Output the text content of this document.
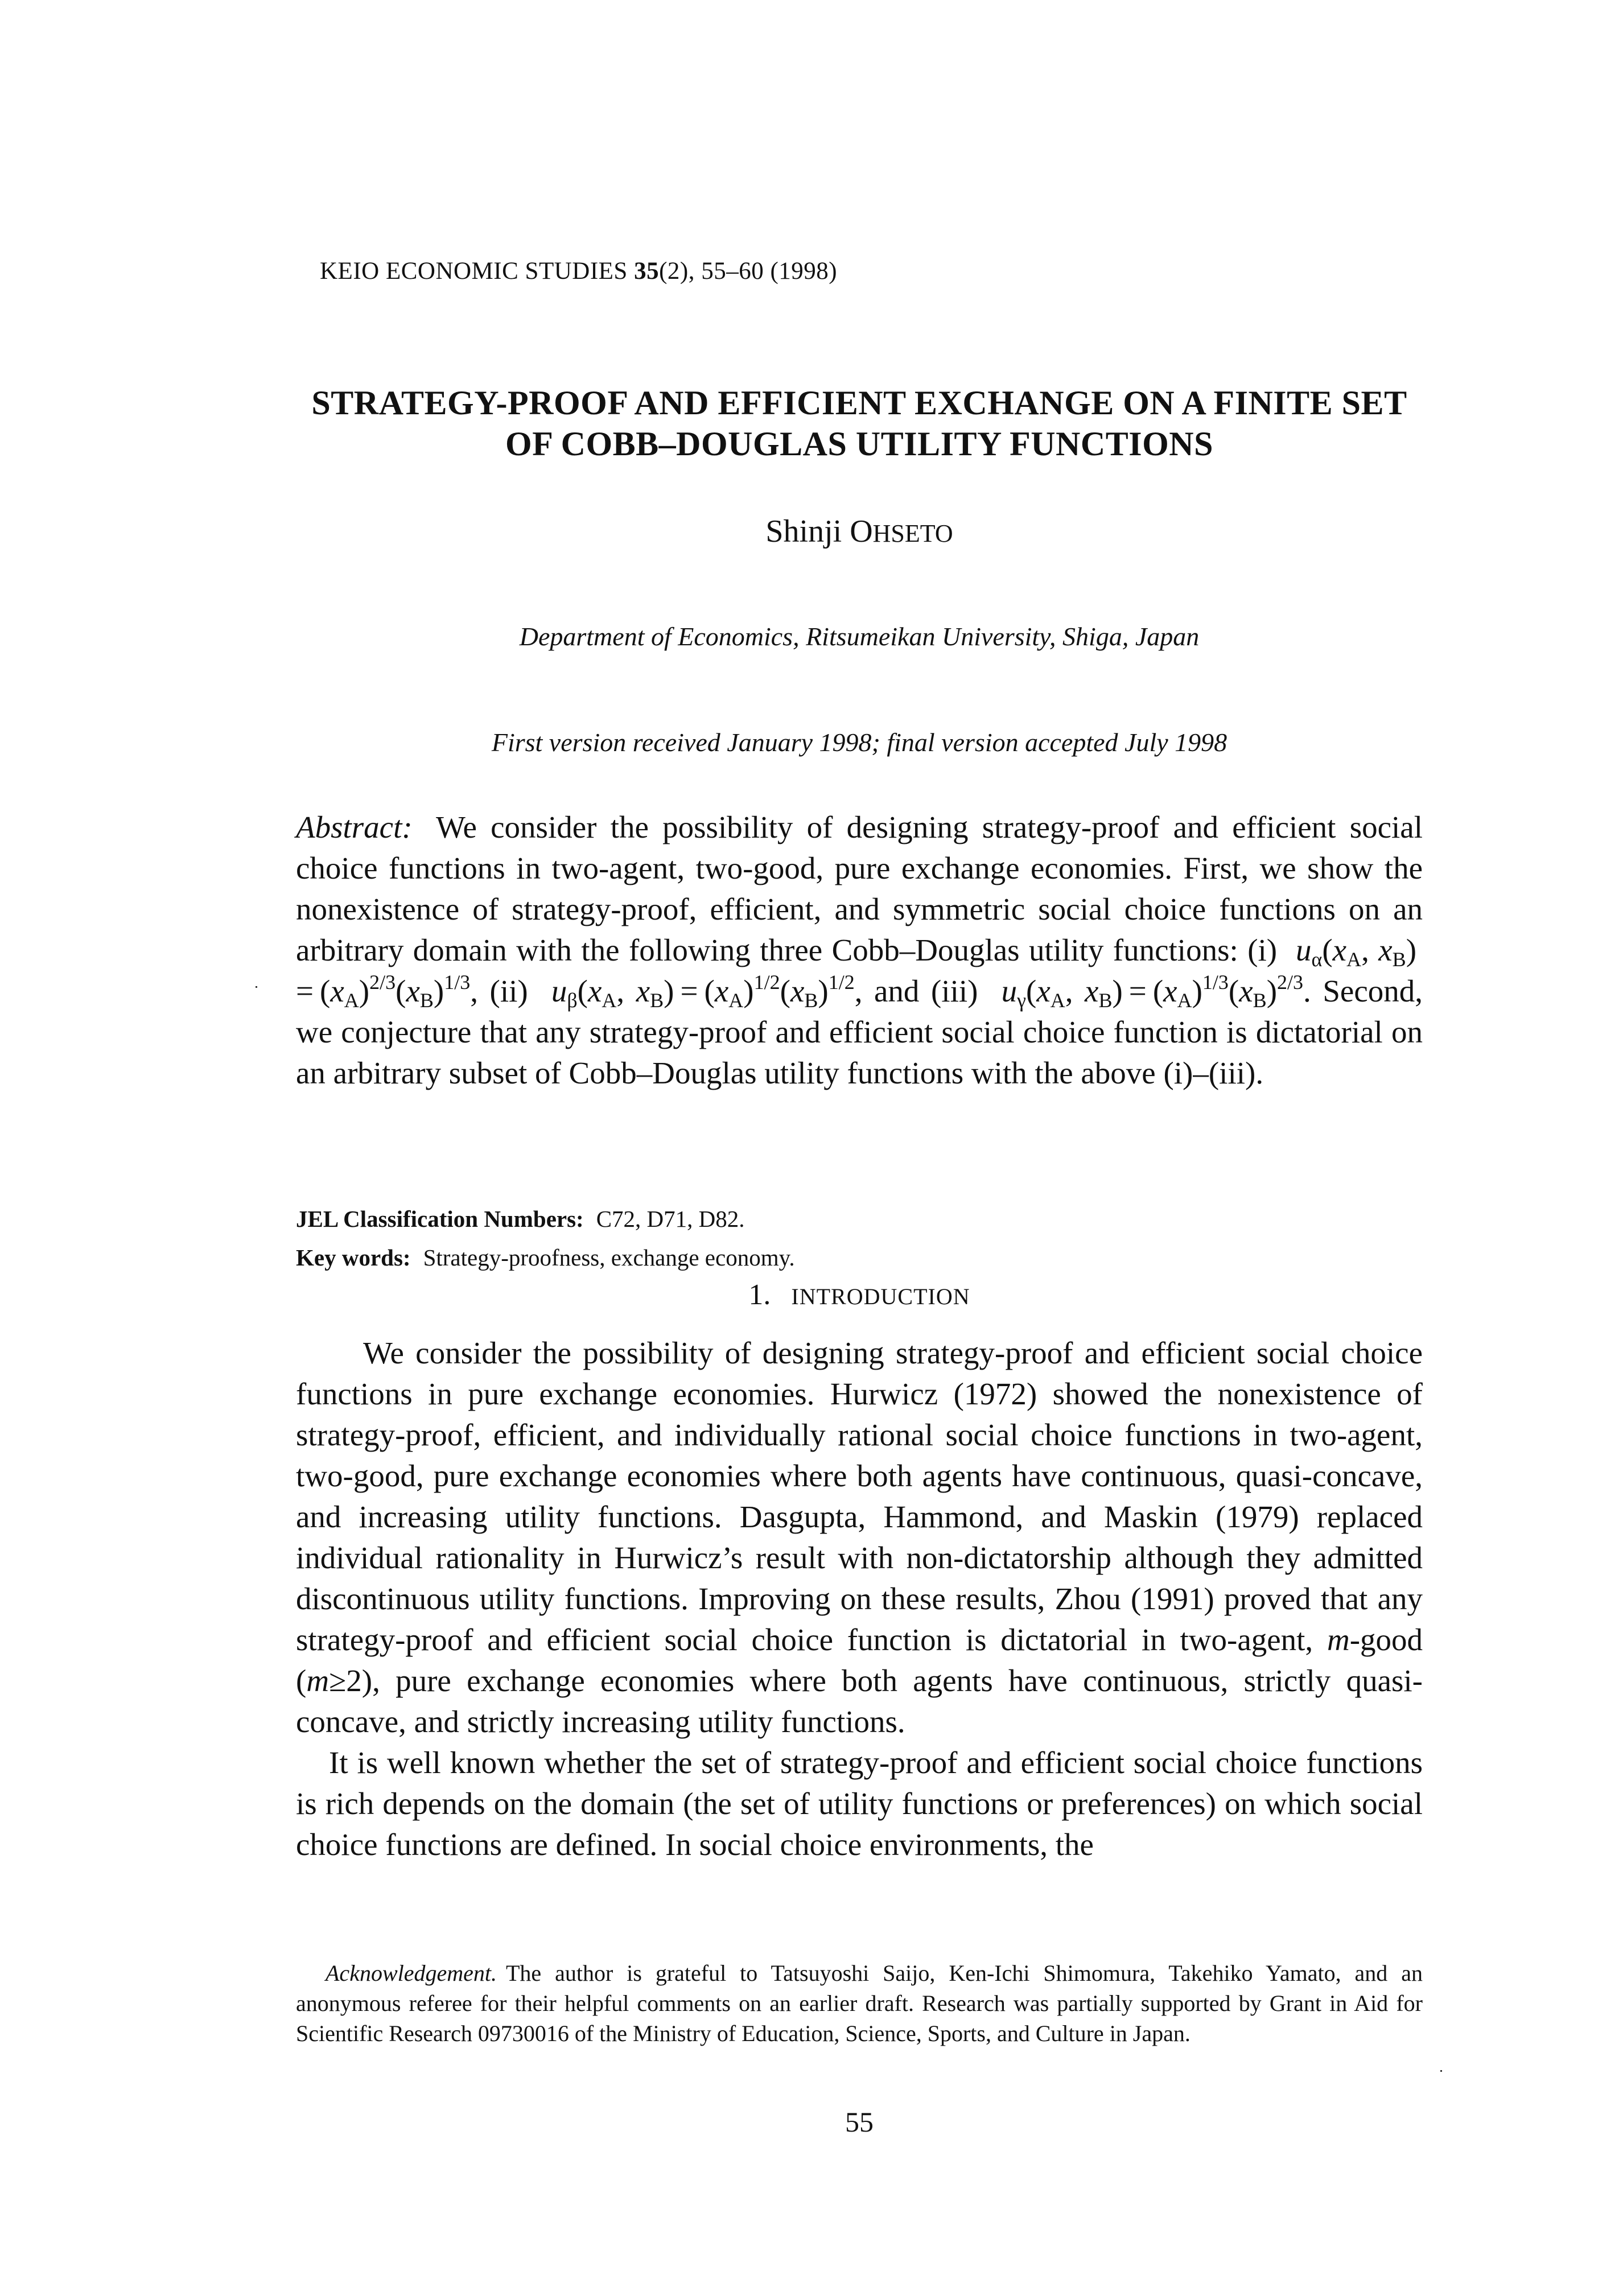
KEIO ECONOMIC STUDIES 35(2), 55–60 (1998)
STRATEGY-PROOF AND EFFICIENT EXCHANGE ON A FINITE SET
OF COBB–DOUGLAS UTILITY FUNCTIONS
Shinji OHSETO
Department of Economics, Ritsumeikan University, Shiga, Japan
First version received January 1998; final version accepted July 1998
Abstract: We consider the possibility of designing strategy-proof and efficient social choice functions in two-agent, two-good, pure exchange economies. First, we show the nonexistence of strategy-proof, efficient, and symmetric social choice functions on an arbitrary domain with the following three Cobb–Douglas utility functions: (i)  $u_\alpha(x_A$, $x_B) = (x_A)^{2/3}(x_B)^{1/3}$, (ii)  $u_\beta(x_A$, $x_B) = (x_A)^{1/2}(x_B)^{1/2}$, and (iii)  $u_\gamma(x_A$, $x_B) = (x_A)^{1/3}(x_B)^{2/3}$. Second, we conjecture that any strategy-proof and efficient social choice function is dictatorial on an arbitrary subset of Cobb–Douglas utility functions with the above (i)–(iii).
JEL Classification Numbers: C72, D71, D82.
Key words: Strategy-proofness, exchange economy.
1. INTRODUCTION

We consider the possibility of designing strategy-proof and efficient social choice functions in pure exchange economies. Hurwicz (1972) showed the nonexistence of strategy-proof, efficient, and individually rational social choice functions in two-agent, two-good, pure exchange economies where both agents have continuous, quasi-concave, and increasing utility functions. Dasgupta, Hammond, and Maskin (1979) replaced individual rationality in Hurwicz’s result with non-dictatorship although they admitted discontinuous utility functions. Improving on these results, Zhou (1991) proved that any strategy-proof and efficient social choice function is dictatorial in two-agent, m-good (m≥2), pure exchange economies where both agents have continuous, strictly quasi-concave, and strictly increasing utility functions.

It is well known whether the set of strategy-proof and efficient social choice functions is rich depends on the domain (the set of utility functions or preferences) on which social choice functions are defined. In social choice environments, the

Acknowledgement. The author is grateful to Tatsuyoshi Saijo, Ken-Ichi Shimomura, Takehiko Yamato, and an anonymous referee for their helpful comments on an earlier draft. Research was partially supported by Grant in Aid for Scientific Research 09730016 of the Ministry of Education, Science, Sports, and Culture in Japan.
55
